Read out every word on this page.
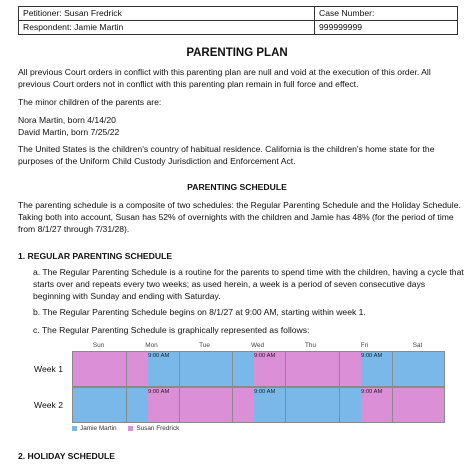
Petitioner: Susan Fredrick	Case Number:
Respondent: Jamie Martin	999999999
PARENTING PLAN
All previous Court orders in conflict with this parenting plan are null and void at the execution of this order. All previous Court orders not in conflict with this parenting plan remain in full force and effect.
The minor children of the parents are:
Nora Martin, born 4/14/20
David Martin, born 7/25/22
The United States is the children's country of habitual residence. California is the children's home state for the purposes of the Uniform Child Custody Jurisdiction and Enforcement Act.
PARENTING SCHEDULE
The parenting schedule is a composite of two schedules: the Regular Parenting Schedule and the Holiday Schedule. Taking both into account, Susan has 52% of overnights with the children and Jamie has 48% (for the period of time from 8/1/27 through 7/31/28).
1. REGULAR PARENTING SCHEDULE
a. The Regular Parenting Schedule is a routine for the parents to spend time with the children, having a cycle that starts over and repeats every two weeks; as used herein, a week is a period of seven consecutive days beginning with Sunday and ending with Saturday.
b. The Regular Parenting Schedule begins on 8/1/27 at 9:00 AM, starting within week 1.
c. The Regular Parenting Schedule is graphically represented as follows:
Sun	Mon	Tue	Wed	Thu	Fri	Sat
9:00 AM	9:00 AM	9:00 AM
9:00 AM	9:00 AM	9:00 AM
Week 1
Week 2
Jamie Martin	Susan Fredrick
2. HOLIDAY SCHEDULE
